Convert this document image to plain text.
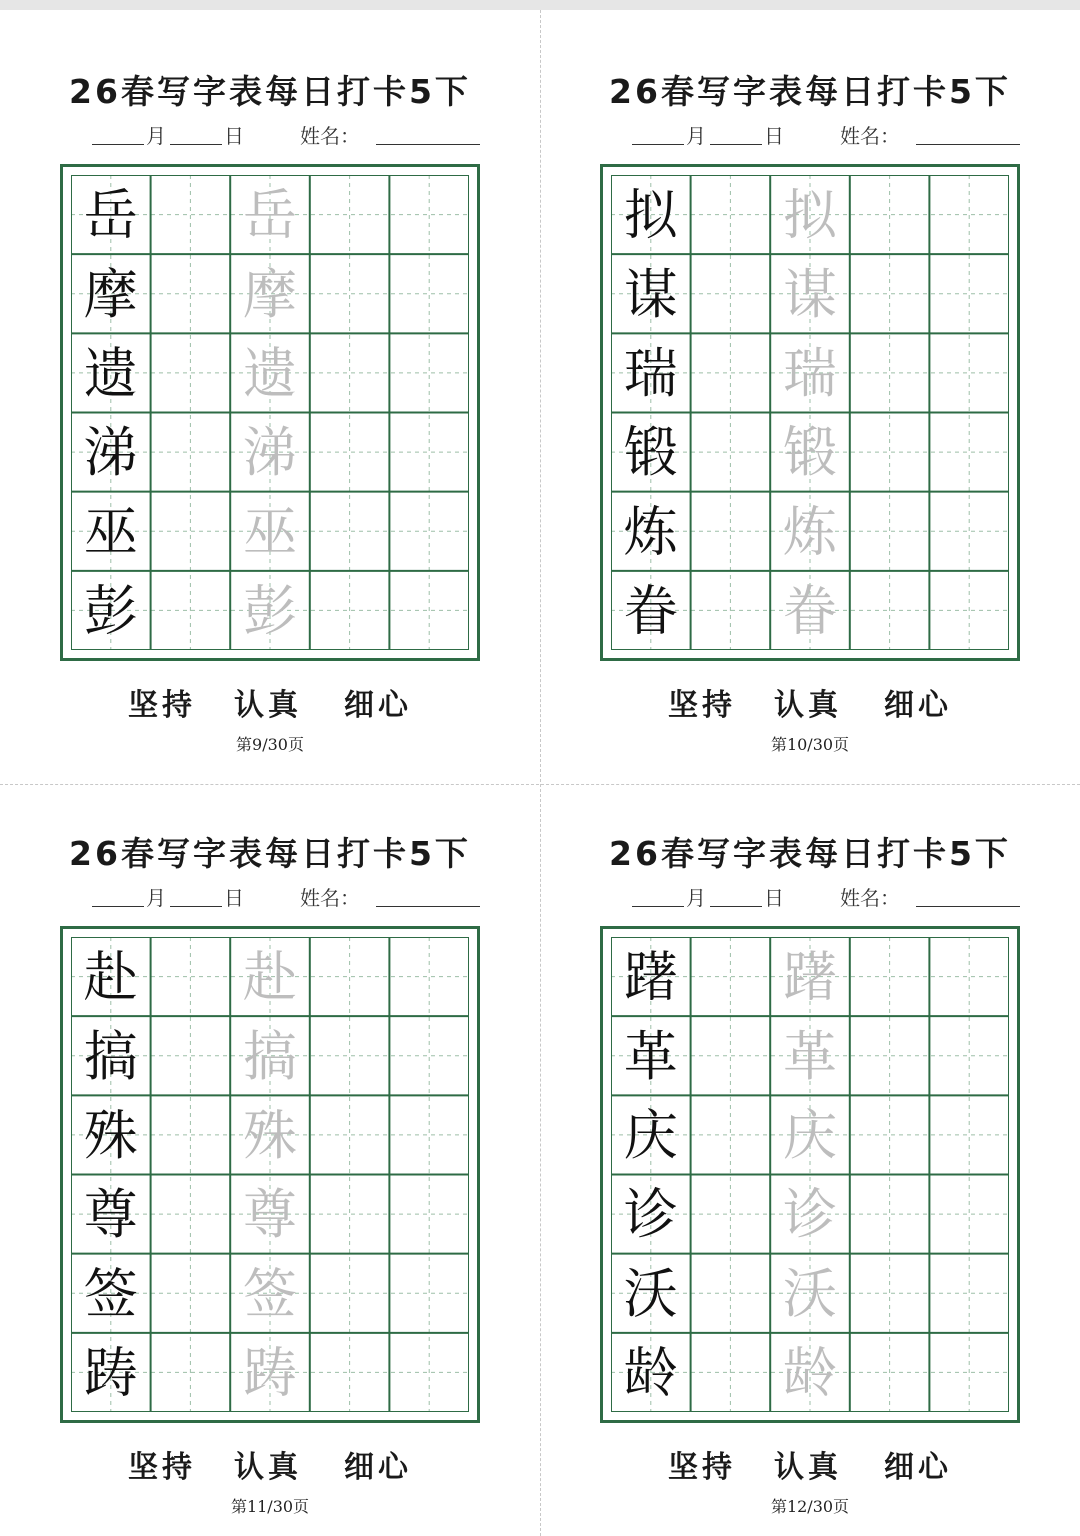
26春写字表每日打卡5下
月	日	姓名：
岳 岳
摩 摩
遗 遗
涕 涕
巫 巫
彭 彭
坚持 认真 细心
第9/30页
26春写字表每日打卡5下
月	日	姓名：
拟 拟
谋 谋
瑞 瑞
锻 锻
炼 炼
眷 眷
坚持 认真 细心
第10/30页
26春写字表每日打卡5下
月	日	姓名：
赴 赴
搞 搞
殊 殊
尊 尊
签 签
踌 踌
坚持 认真 细心
第11/30页
26春写字表每日打卡5下
月	日	姓名：
躇 躇
革 革
庆 庆
诊 诊
沃 沃
龄 龄
坚持 认真 细心
第12/30页
